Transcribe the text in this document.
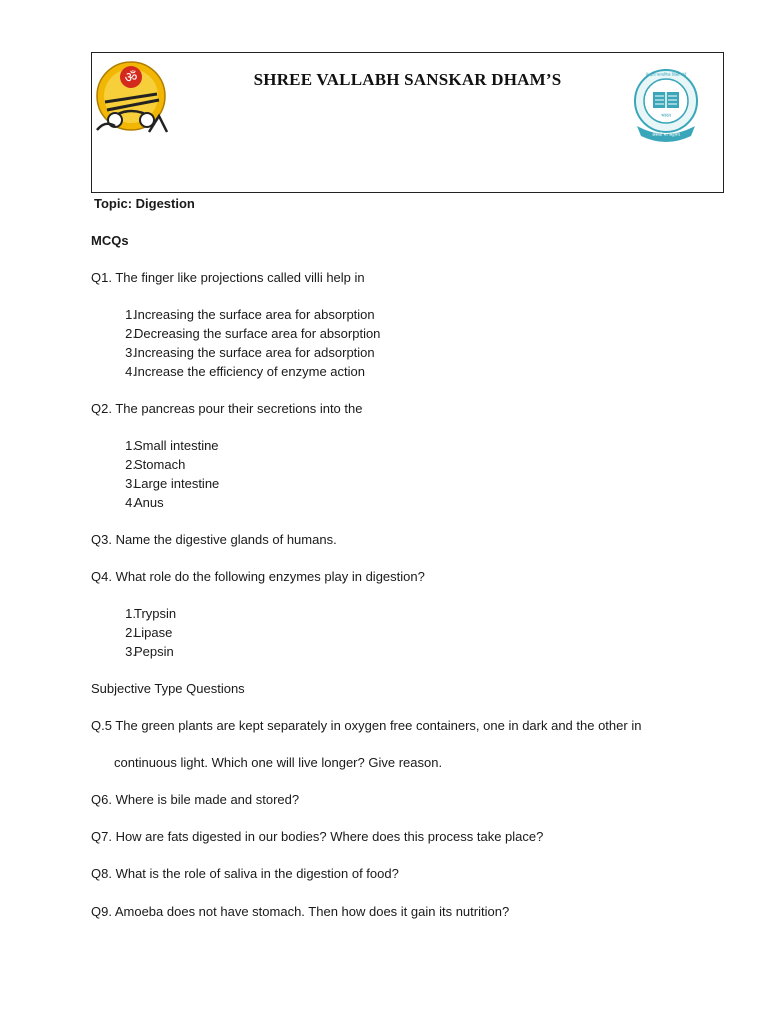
ॐ	SHREE VALLABH SANSKAR DHAM’S
भारत
केन्द्रीय माध्यमिक शिक्षा बोर्ड
असतो मा सद्गमय
Topic: Digestion
MCQs
Q1. The finger like projections called villi help in
1.
Increasing the surface area for absorption
2.
Decreasing the surface area for absorption
3.
Increasing the surface area for adsorption
4.
Increase the efficiency of enzyme action
Q2. The pancreas pour their secretions into the
1.
Small intestine
2.
Stomach
3.
Large intestine
4.
Anus
Q3. Name the digestive glands of humans.
Q4. What role do the following enzymes play in digestion?
1.
Trypsin
2.
Lipase
3.
Pepsin
Subjective Type Questions
Q.5 The green plants are kept separately in oxygen free containers, one in dark and the other in
continuous light. Which one will live longer? Give reason.
Q6. Where is bile made and stored?
Q7. How are fats digested in our bodies? Where does this process take place?
Q8. What is the role of saliva in the digestion of food?
Q9. Amoeba does not have stomach. Then how does it gain its nutrition?
